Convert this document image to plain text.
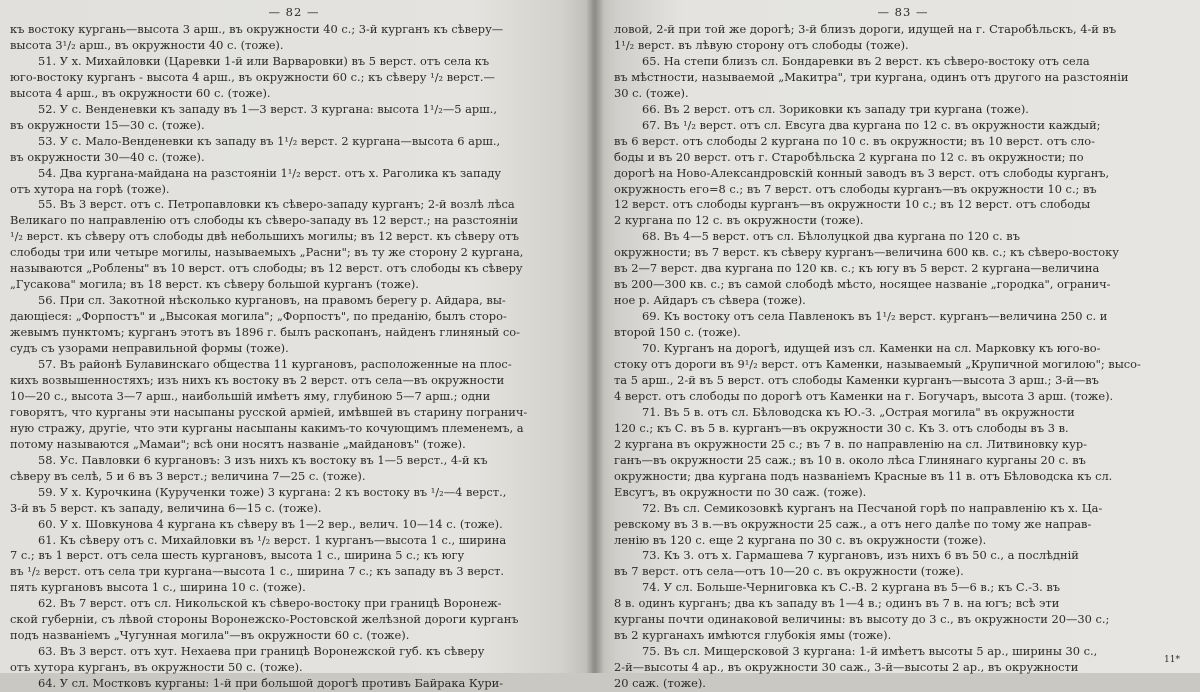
— 82 —

къ востоку кургань—высота 3 арш., въ окружности 40 с.; 3-й курганъ къ сѣверу—

высота 3¹/₂ арш., въ окружности 40 с. (тоже).

51. У х. Михайловки (Царевки 1-й или Варваровки) въ 5 верст. отъ села къ

юго-востоку курганъ - высота 4 арш., въ окружности 60 с.; къ сѣверу ¹/₂ верст.—

высота 4 арш., въ окружности 60 с. (тоже).

52. У с. Венденевки къ западу въ 1—3 верст. 3 кургана: высота 1¹/₂—5 арш.,

въ окружности 15—30 с. (тоже).

53. У с. Мало-Венденевки къ западу въ 1¹/₂ верст. 2 кургана—высота 6 арш.,

въ окружности 30—40 с. (тоже).

54. Два кургана-майдана на разстояніи 1¹/₂ верст. отъ х. Раголика къ западу

отъ хутора на горѣ (тоже).

55. Въ 3 верст. отъ с. Петропавловки къ сѣверо-западу курганъ; 2-й возлѣ лѣса

Великаго по направленію отъ слободы къ сѣверо-западу въ 12 верст.; на разстояніи

¹/₂ верст. къ сѣверу отъ слободы двѣ небольшихъ могилы; въ 12 верст. къ сѣверу отъ

слободы три или четыре могилы, называемыхъ „Расни"; въ ту же сторону 2 кургана,

называются „Роблены" въ 10 верст. отъ слободы; въ 12 верст. отъ слободы къ сѣверу

„Гусакова" могила; въ 18 верст. къ сѣверу большой курганъ (тоже).

56. При сл. Закотной нѣсколько кургановъ, на правомъ берегу р. Айдара, вы-

дающіеся: „Форпостъ" и „Высокая могила"; „Форпостъ", по преданію, былъ сторо-

жевымъ пунктомъ; курганъ этотъ въ 1896 г. былъ раскопанъ, найденъ глиняный со-

судъ съ узорами неправильной формы (тоже).

57. Въ районѣ Булавинскаго общества 11 кургановъ, расположенные на плос-

кихъ возвышенностяхъ; изъ нихъ къ востоку въ 2 верст. отъ села—въ окружности

10—20 с., высота 3—7 арш., наибольшій имѣетъ яму, глубиною 5—7 арш.; одни

говорятъ, что курганы эти насыпаны русской арміей, имѣвшей въ старину погранич-

ную стражу, другіе, что эти курганы насыпаны какимъ-то кочующимъ племенемъ, а

потому называются „Мамаи"; всѣ они носятъ названіе „майдановъ" (тоже).

58. Ус. Павловки 6 кургановъ: 3 изъ нихъ къ востоку въ 1—5 верст., 4-й къ

сѣверу въ селѣ, 5 и 6 въ 3 верст.; величина 7—25 с. (тоже).

59. У х. Курочкина (Курученки тоже) 3 кургана: 2 къ востоку въ ¹/₂—4 верст.,

3-й въ 5 верст. къ западу, величина 6—15 с. (тоже).

60. У х. Шовкунова 4 кургана къ сѣверу въ 1—2 вер., велич. 10—14 с. (тоже).

61. Къ сѣверу отъ с. Михайловки въ ¹/₂ верст. 1 курганъ—высота 1 с., ширина

7 с.; въ 1 верст. отъ села шесть кургановъ, высота 1 с., ширина 5 с.; къ югу

въ ¹/₂ верст. отъ села три кургана—высота 1 с., ширина 7 с.; къ западу въ 3 верст.

пять кургановъ высота 1 с., ширина 10 с. (тоже).

62. Въ 7 верст. отъ сл. Никольской къ сѣверо-востоку при границѣ Воронеж-

ской губерніи, съ лѣвой стороны Воронежско-Ростовской желѣзной дороги курганъ

подъ названіемъ „Чугунная могила"—въ окружности 60 с. (тоже).

63. Въ 3 верст. отъ хут. Нехаева при границѣ Воронежской губ. къ сѣверу

отъ хутора курганъ, въ окружности 50 с. (тоже).

64. У сл. Мостковъ курганы: 1-й при большой дорогѣ противъ Байрака Кури-

— 83 —

ловой, 2-й при той же дорогѣ; 3-й близъ дороги, идущей на г. Старобѣльскъ, 4-й въ

1¹/₂ верст. въ лѣвую сторону отъ слободы (тоже).

65. На степи близъ сл. Бондаревки въ 2 верст. къ сѣверо-востоку отъ села

въ мѣстности, называемой „Макитра", три кургана, одинъ отъ другого на разстояніи

30 с. (тоже).

66. Въ 2 верст. отъ сл. Зориковки къ западу три кургана (тоже).

67. Въ ¹/₂ верст. отъ сл. Евсуга два кургана по 12 с. въ окружности каждый;

въ 6 верст. отъ слободы 2 кургана по 10 с. въ окружности; въ 10 верст. отъ сло-

боды и въ 20 верст. отъ г. Старобѣльска 2 кургана по 12 с. въ окружности; по

дорогѣ на Ново-Александровскій конный заводъ въ 3 верст. отъ слободы курганъ,

окружность его=8 с.; въ 7 верст. отъ слободы курганъ—въ окружности 10 с.; въ

12 верст. отъ слободы курганъ—въ окружности 10 с.; въ 12 верст. отъ слободы

2 кургана по 12 с. въ окружности (тоже).

68. Въ 4—5 верст. отъ сл. Бѣлолуцкой два кургана по 120 с. въ

окружности; въ 7 верст. къ сѣверу курганъ—величина 600 кв. с.; къ сѣверо-востоку

въ 2—7 верст. два кургана по 120 кв. с.; къ югу въ 5 верст. 2 кургана—величина

въ 200—300 кв. с.; въ самой слободѣ мѣсто, носящее названіе „городка", огранич-

ное р. Айдаръ съ сѣвера (тоже).

69. Къ востоку отъ села Павленокъ въ 1¹/₂ верст. курганъ—величина 250 с. и

второй 150 с. (тоже).

70. Курганъ на дорогѣ, идущей изъ сл. Каменки на сл. Марковку къ юго-во-

стоку отъ дороги въ 9¹/₂ верст. отъ Каменки, называемый „Крупичной могилою"; высо-

та 5 арш., 2-й въ 5 верст. отъ слободы Каменки курганъ—высота 3 арш.; 3-й—въ

4 верст. отъ слободы по дорогѣ отъ Каменки на г. Богучаръ, высота 3 арш. (тоже).

71. Въ 5 в. отъ сл. Бѣловодска къ Ю.-З. „Острая могила" въ окружности

120 с.; къ С. въ 5 в. курганъ—въ окружности 30 с. Къ З. отъ слободы въ 3 в.

2 кургана въ окружности 25 с.; въ 7 в. по направленію на сл. Литвиновку кур-

ганъ—въ окружности 25 саж.; въ 10 в. около лѣса Глинянаго курганы 20 с. въ

окружности; два кургана подъ названіемъ Красные въ 11 в. отъ Бѣловодска къ сл.

Евсугъ, въ окружности по 30 саж. (тоже).

72. Въ сл. Семикозовкѣ курганъ на Песчаной горѣ по направленію къ х. Ца-

ревскому въ 3 в.—въ окружности 25 саж., а отъ него далѣе по тому же направ-

ленію въ 120 с. еще 2 кургана по 30 с. въ окружности (тоже).

73. Къ З. отъ х. Гармашева 7 кургановъ, изъ нихъ 6 въ 50 с., а послѣдній

въ 7 верст. отъ села—отъ 10—20 с. въ окружности (тоже).

74. У сл. Больше-Черниговка къ С.-В. 2 кургана въ 5—6 в.; къ С.-З. въ

8 в. одинъ курганъ; два къ западу въ 1—4 в.; одинъ въ 7 в. на югъ; всѣ эти

курганы почти одинаковой величины: въ высоту до 3 с., въ окружности 20—30 с.;

въ 2 курганахъ имѣются глубокія ямы (тоже).

75. Въ сл. Мищерсковой 3 кургана: 1-й имѣетъ высоты 5 ар., ширины 30 с.,

2-й—высоты 4 ар., въ окружности 30 саж., 3-й—высоты 2 ар., въ окружности

20 саж. (тоже).

11*
